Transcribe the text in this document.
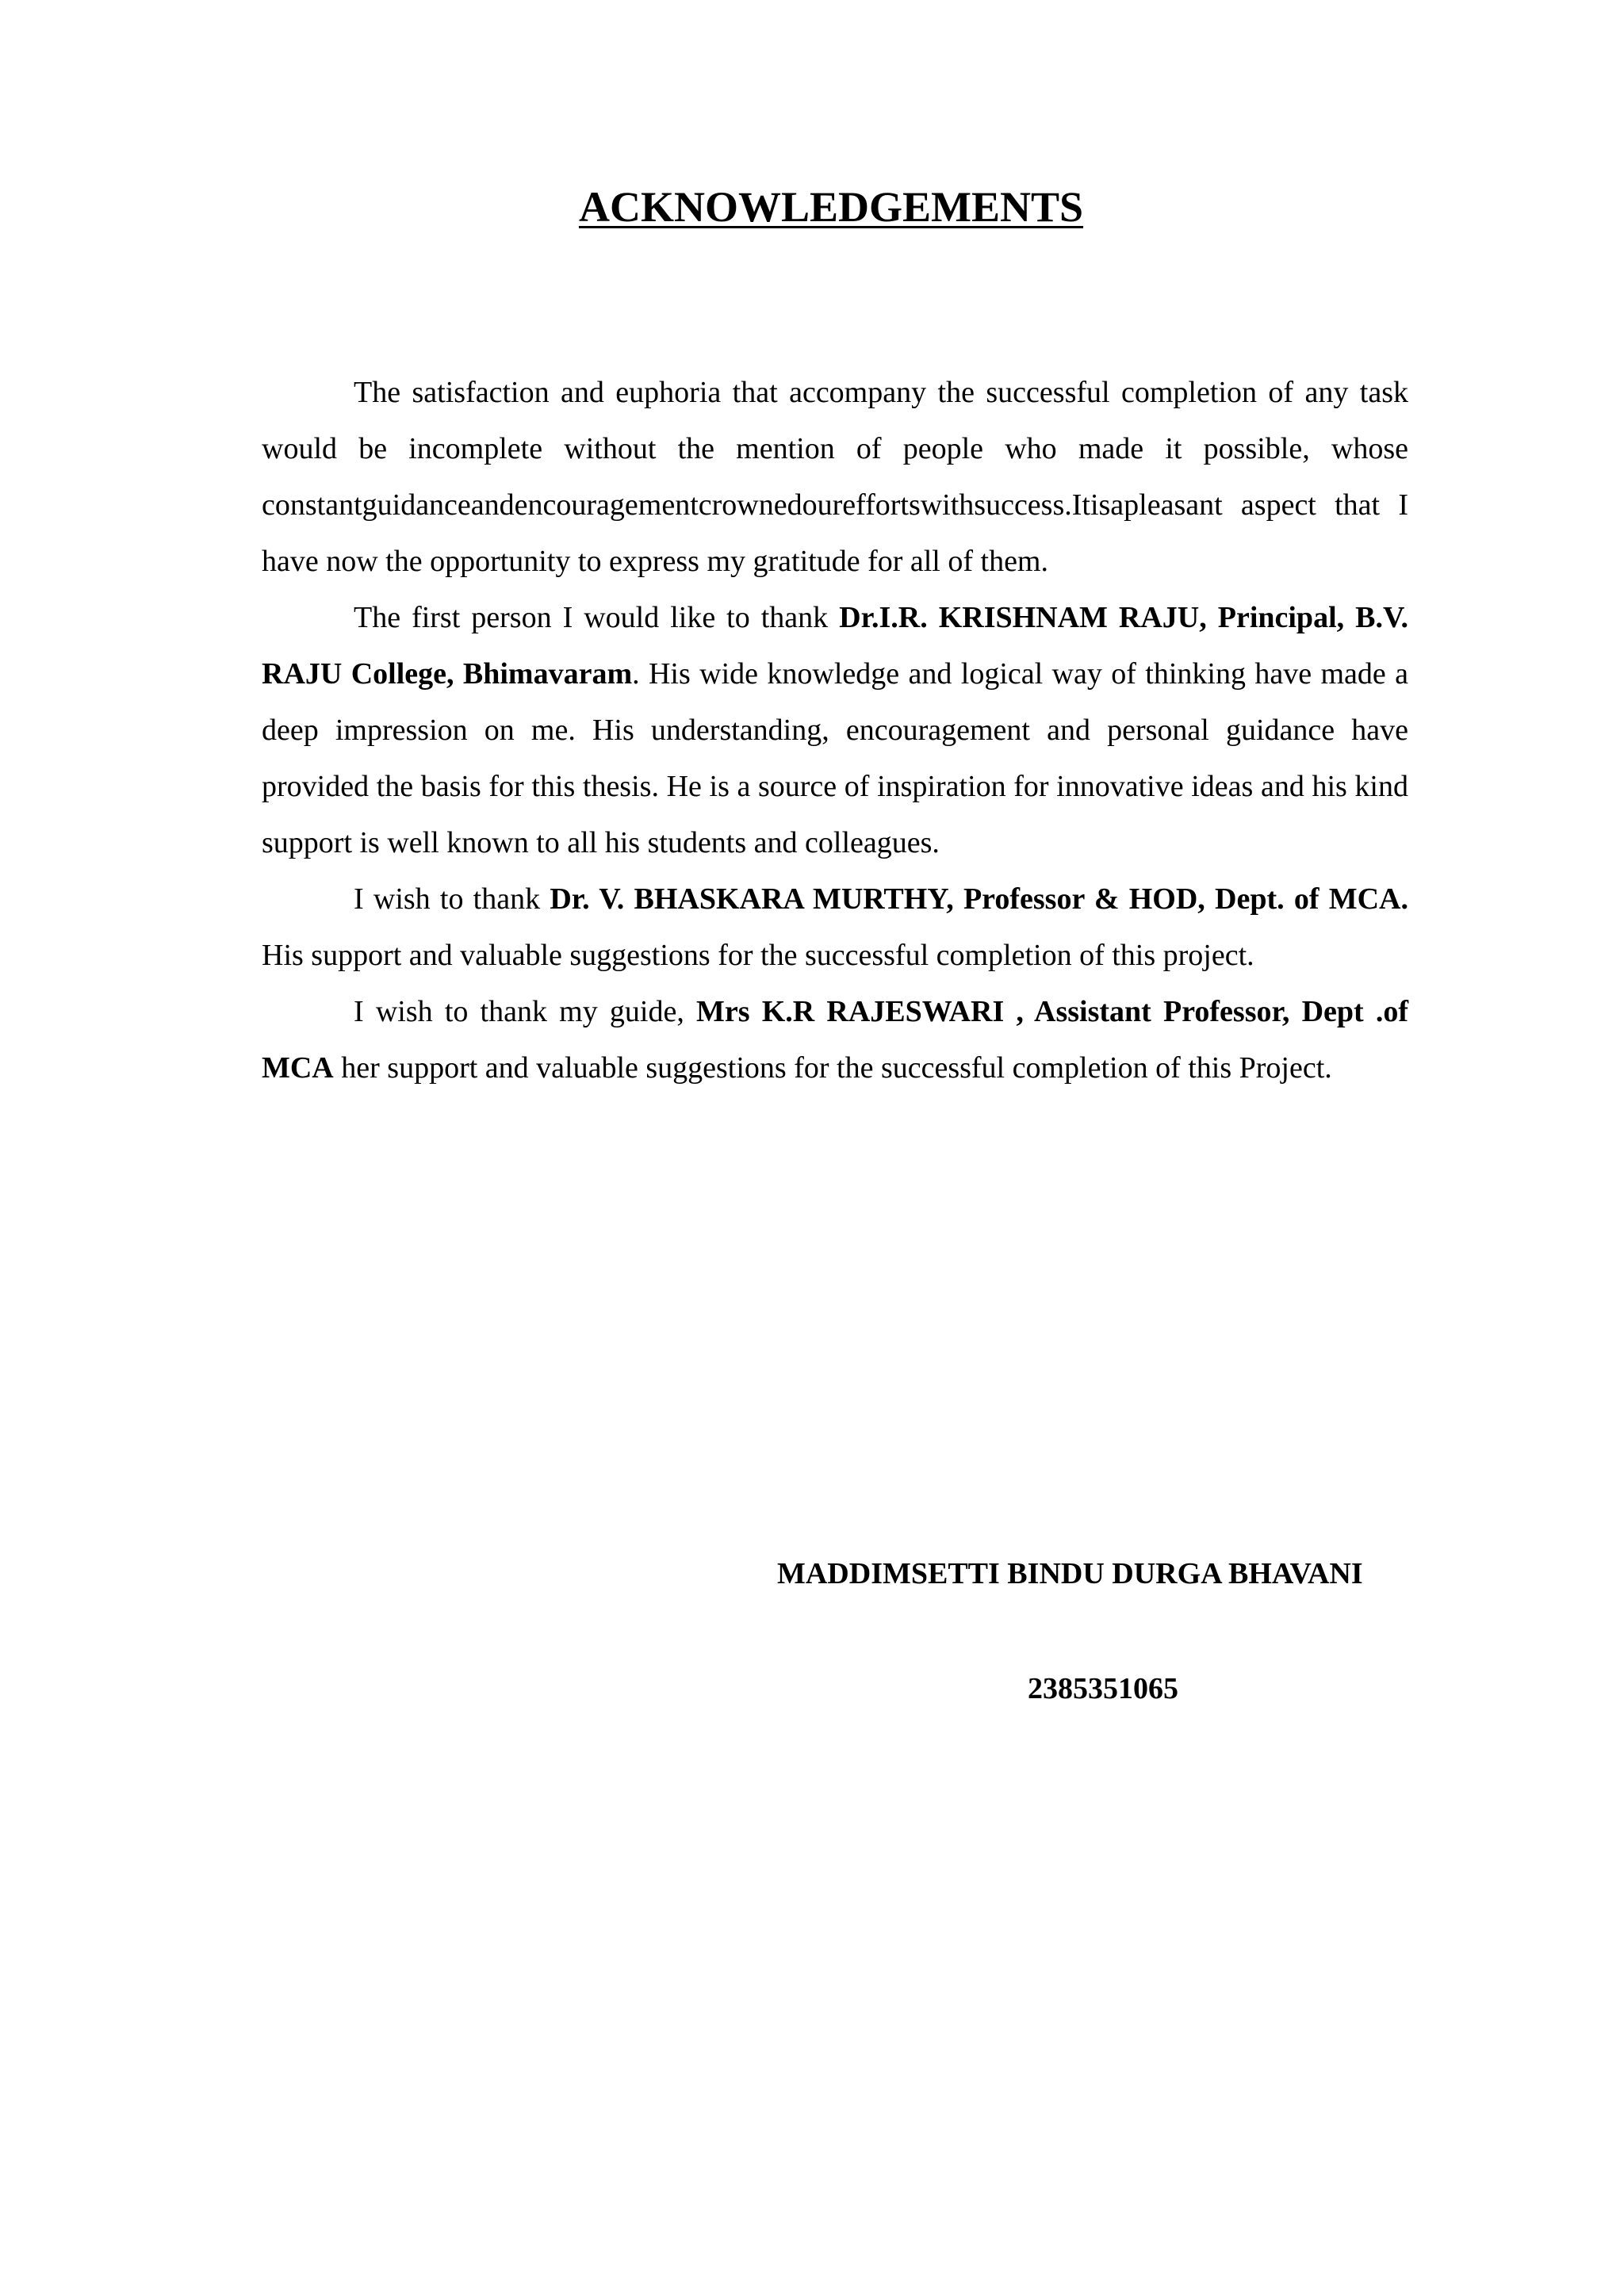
ACKNOWLEDGEMENTS

The satisfaction and euphoria that accompany the successful completion of any task would be incomplete without the mention of people who made it possible, whose constantguidanceandencouragementcrownedoureffortswithsuccess.Itisapleasant aspect that I have now the opportunity to express my gratitude for all of them.

The first person I would like to thank Dr.I.R. KRISHNAM RAJU, Principal, B.V. RAJU College, Bhimavaram. His wide knowledge and logical way of thinking have made a deep impression on me. His understanding, encouragement and personal guidance have provided the basis for this thesis. He is a source of inspiration for innovative ideas and his kind support is well known to all his students and colleagues.

I wish to thank Dr. V. BHASKARA MURTHY, Professor & HOD, Dept. of MCA. His support and valuable suggestions for the successful completion of this project.

I wish to thank my guide, Mrs K.R RAJESWARI , Assistant Professor, Dept .of MCA her support and valuable suggestions for the successful completion of this Project.

MADDIMSETTI BINDU DURGA BHAVANI

2385351065
